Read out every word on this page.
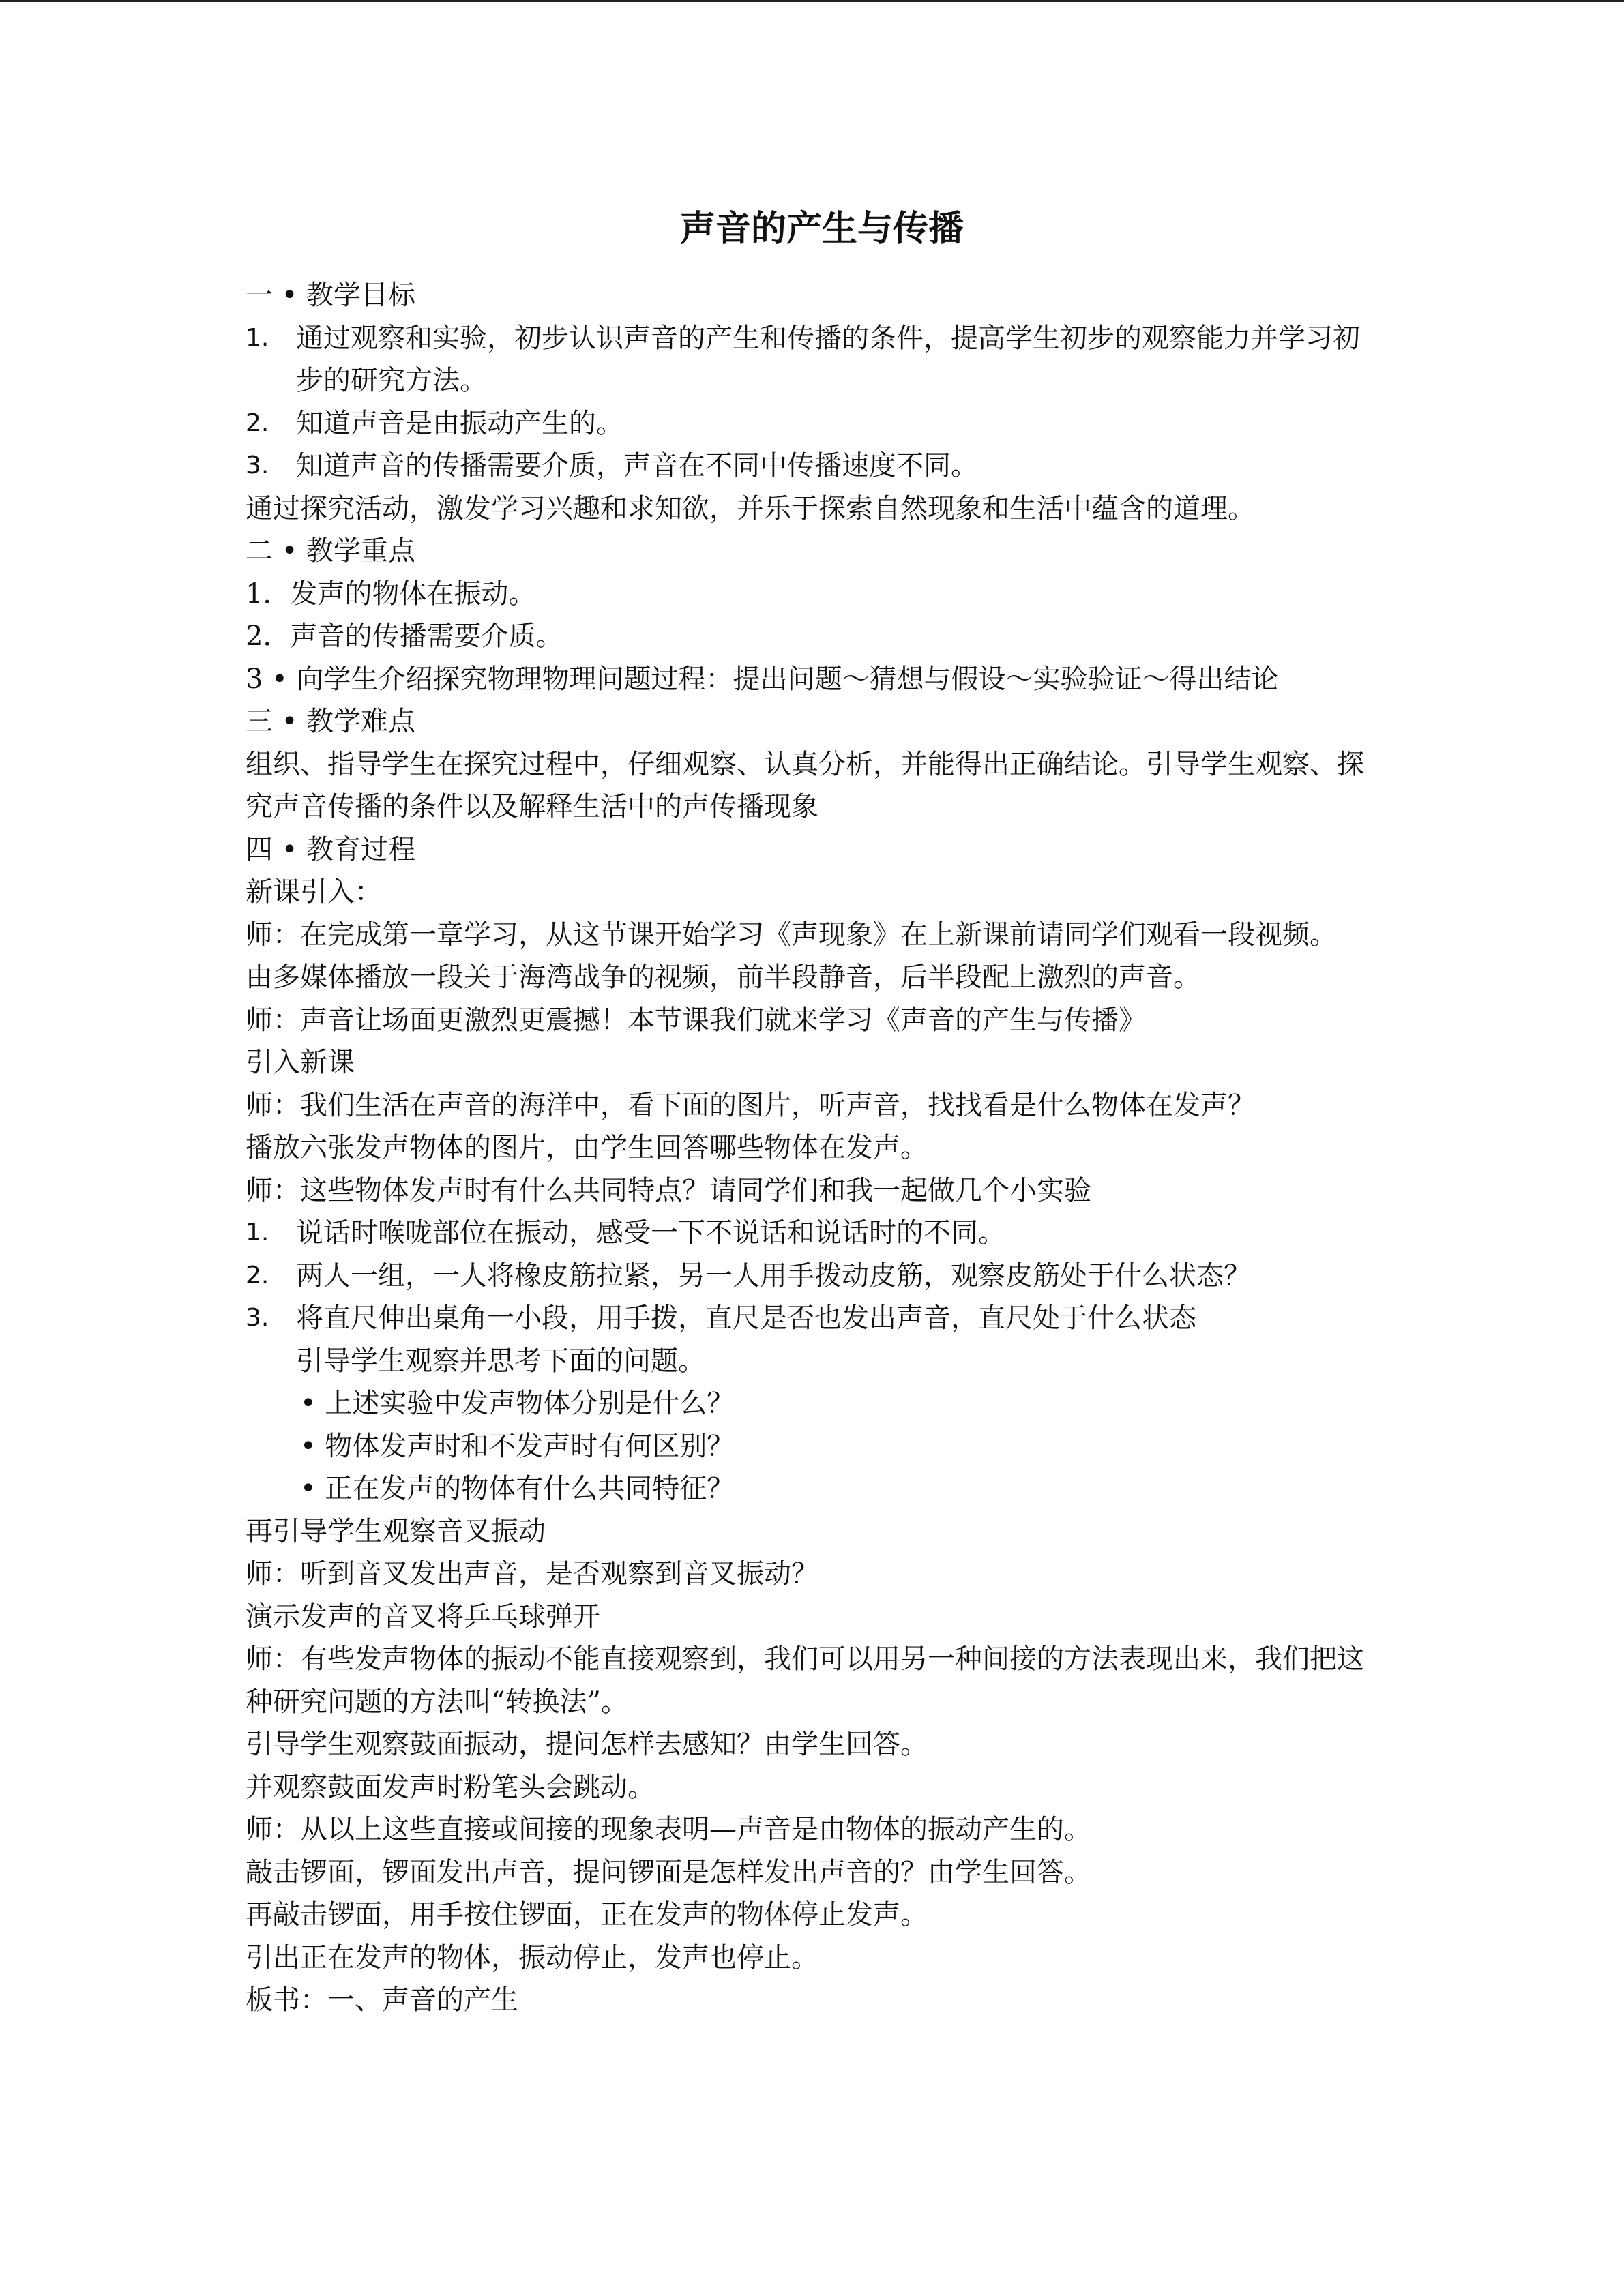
声音的产生与传播
一 • 教学目标
1. 通过观察和实验，初步认识声音的产生和传播的条件，提高学生初步的观察能力并学习初步的研究方法。
2. 知道声音是由振动产生的。
3. 知道声音的传播需要介质，声音在不同中传播速度不同。
通过探究活动，激发学习兴趣和求知欲，并乐于探索自然现象和生活中蕴含的道理。
二 • 教学重点
1．发声的物体在振动。
2．声音的传播需要介质。
3 • 向学生介绍探究物理物理问题过程：提出问题～猜想与假设～实验验证～得出结论
三 • 教学难点
组织、指导学生在探究过程中，仔细观察、认真分析，并能得出正确结论。引导学生观察、探究声音传播的条件以及解释生活中的声传播现象
四 • 教育过程
新课引入：
师：在完成第一章学习，从这节课开始学习《声现象》在上新课前请同学们观看一段视频。
由多媒体播放一段关于海湾战争的视频，前半段静音，后半段配上激烈的声音。
师：声音让场面更激烈更震撼！本节课我们就来学习《声音的产生与传播》
引入新课
师：我们生活在声音的海洋中，看下面的图片，听声音，找找看是什么物体在发声？
播放六张发声物体的图片，由学生回答哪些物体在发声。
师：这些物体发声时有什么共同特点？请同学们和我一起做几个小实验
1. 说话时喉咙部位在振动，感受一下不说话和说话时的不同。
2. 两人一组，一人将橡皮筋拉紧，另一人用手拨动皮筋，观察皮筋处于什么状态？
3. 将直尺伸出桌角一小段，用手拨，直尺是否也发出声音，直尺处于什么状态
引导学生观察并思考下面的问题。
• 上述实验中发声物体分别是什么？
• 物体发声时和不发声时有何区别？
• 正在发声的物体有什么共同特征？
再引导学生观察音叉振动
师：听到音叉发出声音，是否观察到音叉振动？
演示发声的音叉将乒乓球弹开
师：有些发声物体的振动不能直接观察到，我们可以用另一种间接的方法表现出来，我们把这种研究问题的方法叫“转换法”。
引导学生观察鼓面振动，提问怎样去感知？由学生回答。
并观察鼓面发声时粉笔头会跳动。
师：从以上这些直接或间接的现象表明—声音是由物体的振动产生的。
敲击锣面，锣面发出声音，提问锣面是怎样发出声音的？由学生回答。
再敲击锣面，用手按住锣面，正在发声的物体停止发声。
引出正在发声的物体，振动停止，发声也停止。
板书：一、声音的产生
